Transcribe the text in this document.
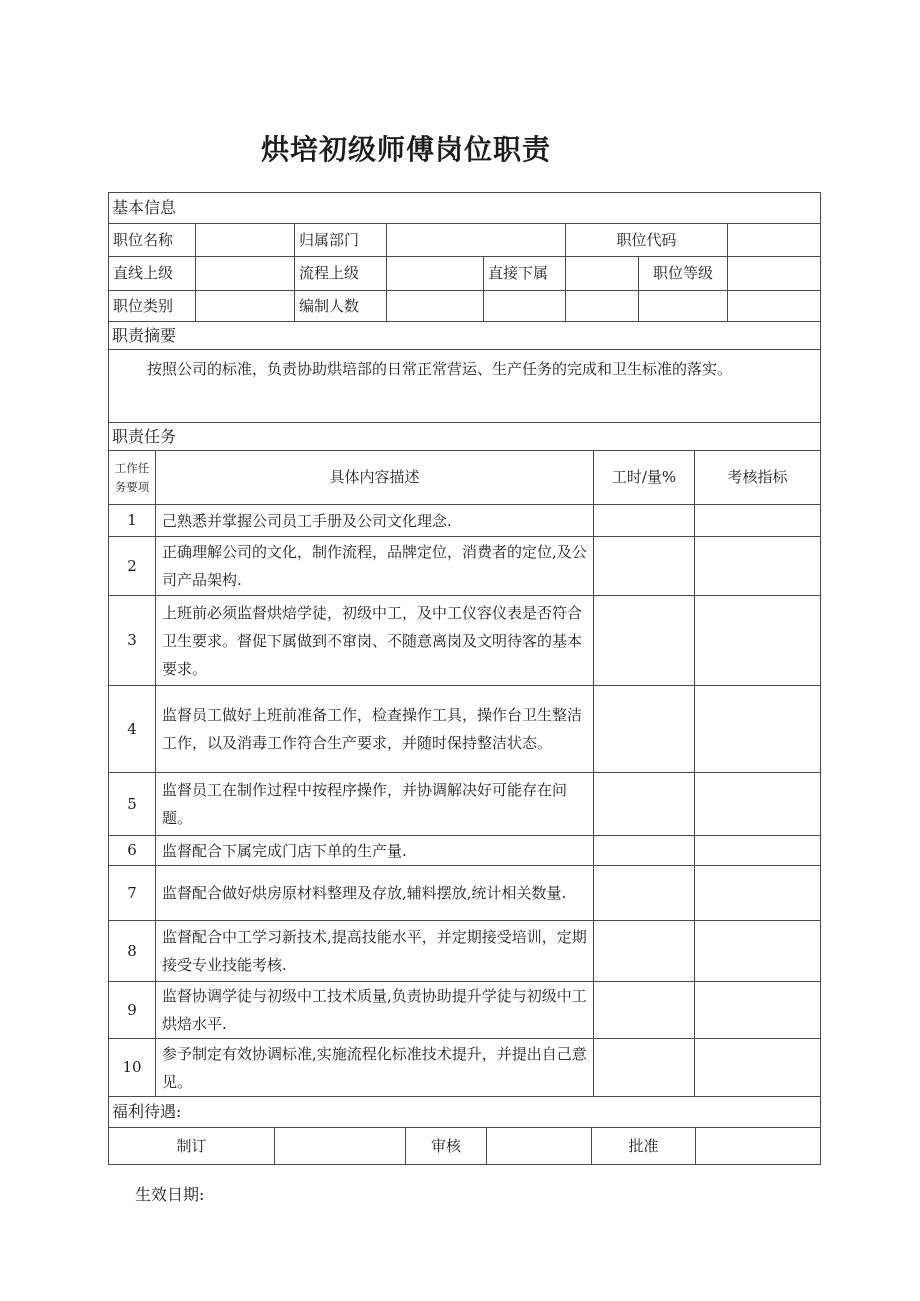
烘培初级师傅岗位职责
基本信息							
职位名称		归属部门			职位代码		
直线上级		流程上级		直接下属		职位等级	
职位类别		编制人数					
职责摘要
按照公司的标准，负责协助烘培部的日常正常营运、生产任务的完成和卫生标准的落实。
职责任务			
工作任务要项	具体内容描述	工时/量%	考核指标
1	己熟悉并掌握公司员工手册及公司文化理念.		
2	正确理解公司的文化，制作流程，品牌定位，消费者的定位,及公司产品架构.		
3	上班前必须监督烘焙学徒，初级中工，及中工仪容仪表是否符合卫生要求。督促下属做到不窜岗、不随意离岗及文明待客的基本要求。		
4	监督员工做好上班前准备工作，检查操作工具，操作台卫生整洁工作，以及消毒工作符合生产要求，并随时保持整洁状态。		
5	监督员工在制作过程中按程序操作，并协调解决好可能存在问题。		
6	监督配合下属完成门店下单的生产量.		
7	监督配合做好烘房原材料整理及存放,辅料摆放,统计相关数量.		
8	监督配合中工学习新技术,提高技能水平，并定期接受培训，定期接受专业技能考核.		
9	监督协调学徒与初级中工技术质量,负责协助提升学徒与初级中工烘焙水平.		
10	参予制定有效协调标准,实施流程化标准技术提升，并提出自己意见。		
福利待遇:
制订		审核		批准	
生效日期:
